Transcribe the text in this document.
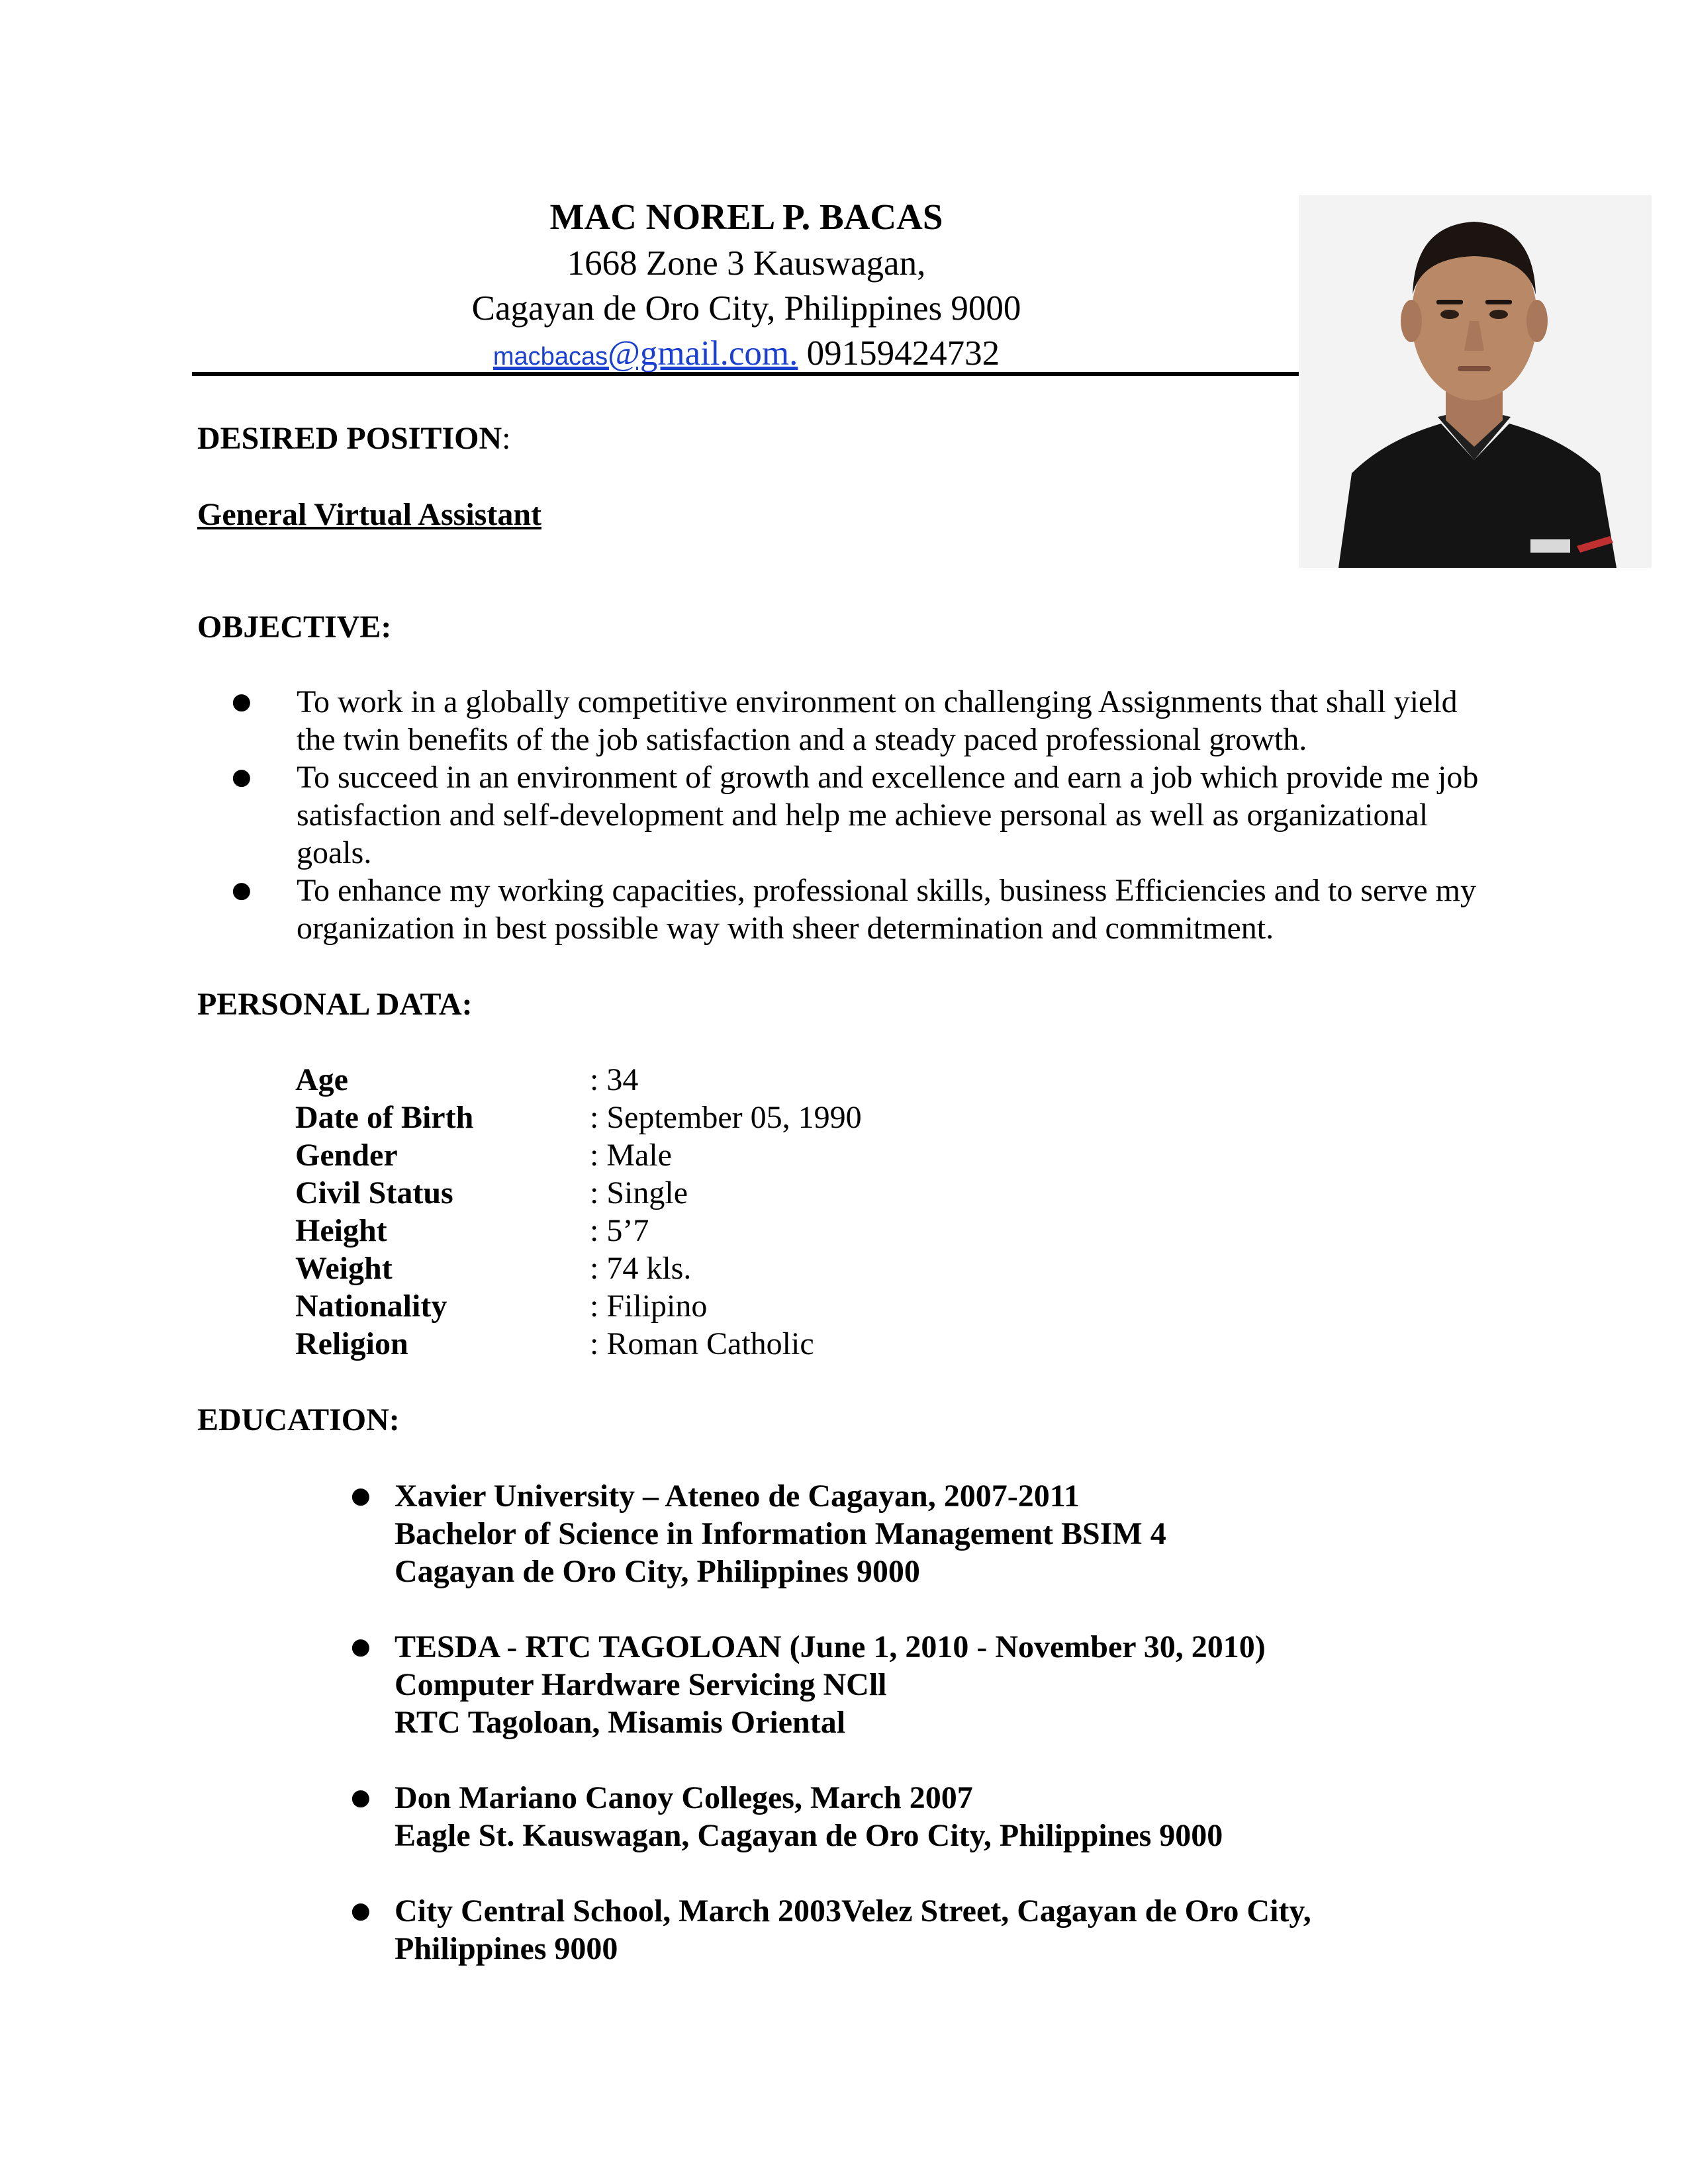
MAC NOREL P. BACAS
1668 Zone 3 Kauswagan,
Cagayan de Oro City, Philippines 9000
macbacas@gmail.com. 09159424732
DESIRED POSITION:
General Virtual Assistant
OBJECTIVE:
● To work in a globally competitive environment on challenging Assignments that shall yield the twin benefits of the job satisfaction and a steady paced professional growth.
● To succeed in an environment of growth and excellence and earn a job which provide me job satisfaction and self-development and help me achieve personal as well as organizational goals.
● To enhance my working capacities, professional skills, business Efficiencies and to serve my organization in best possible way with sheer determination and commitment.
PERSONAL DATA:
Age	: 34
Date of Birth	: September 05, 1990
Gender	: Male
Civil Status	: Single
Height	: 5’7
Weight	: 74 kls.
Nationality	: Filipino
Religion	: Roman Catholic
EDUCATION:
● Xavier University – Ateneo de Cagayan, 2007-2011
Bachelor of Science in Information Management BSIM 4
Cagayan de Oro City, Philippines 9000
● TESDA - RTC TAGOLOAN (June 1, 2010 - November 30, 2010)
Computer Hardware Servicing NCll
RTC Tagoloan, Misamis Oriental
● Don Mariano Canoy Colleges, March 2007
Eagle St. Kauswagan, Cagayan de Oro City, Philippines 9000
● City Central School, March 2003Velez Street, Cagayan de Oro City,
Philippines 9000
